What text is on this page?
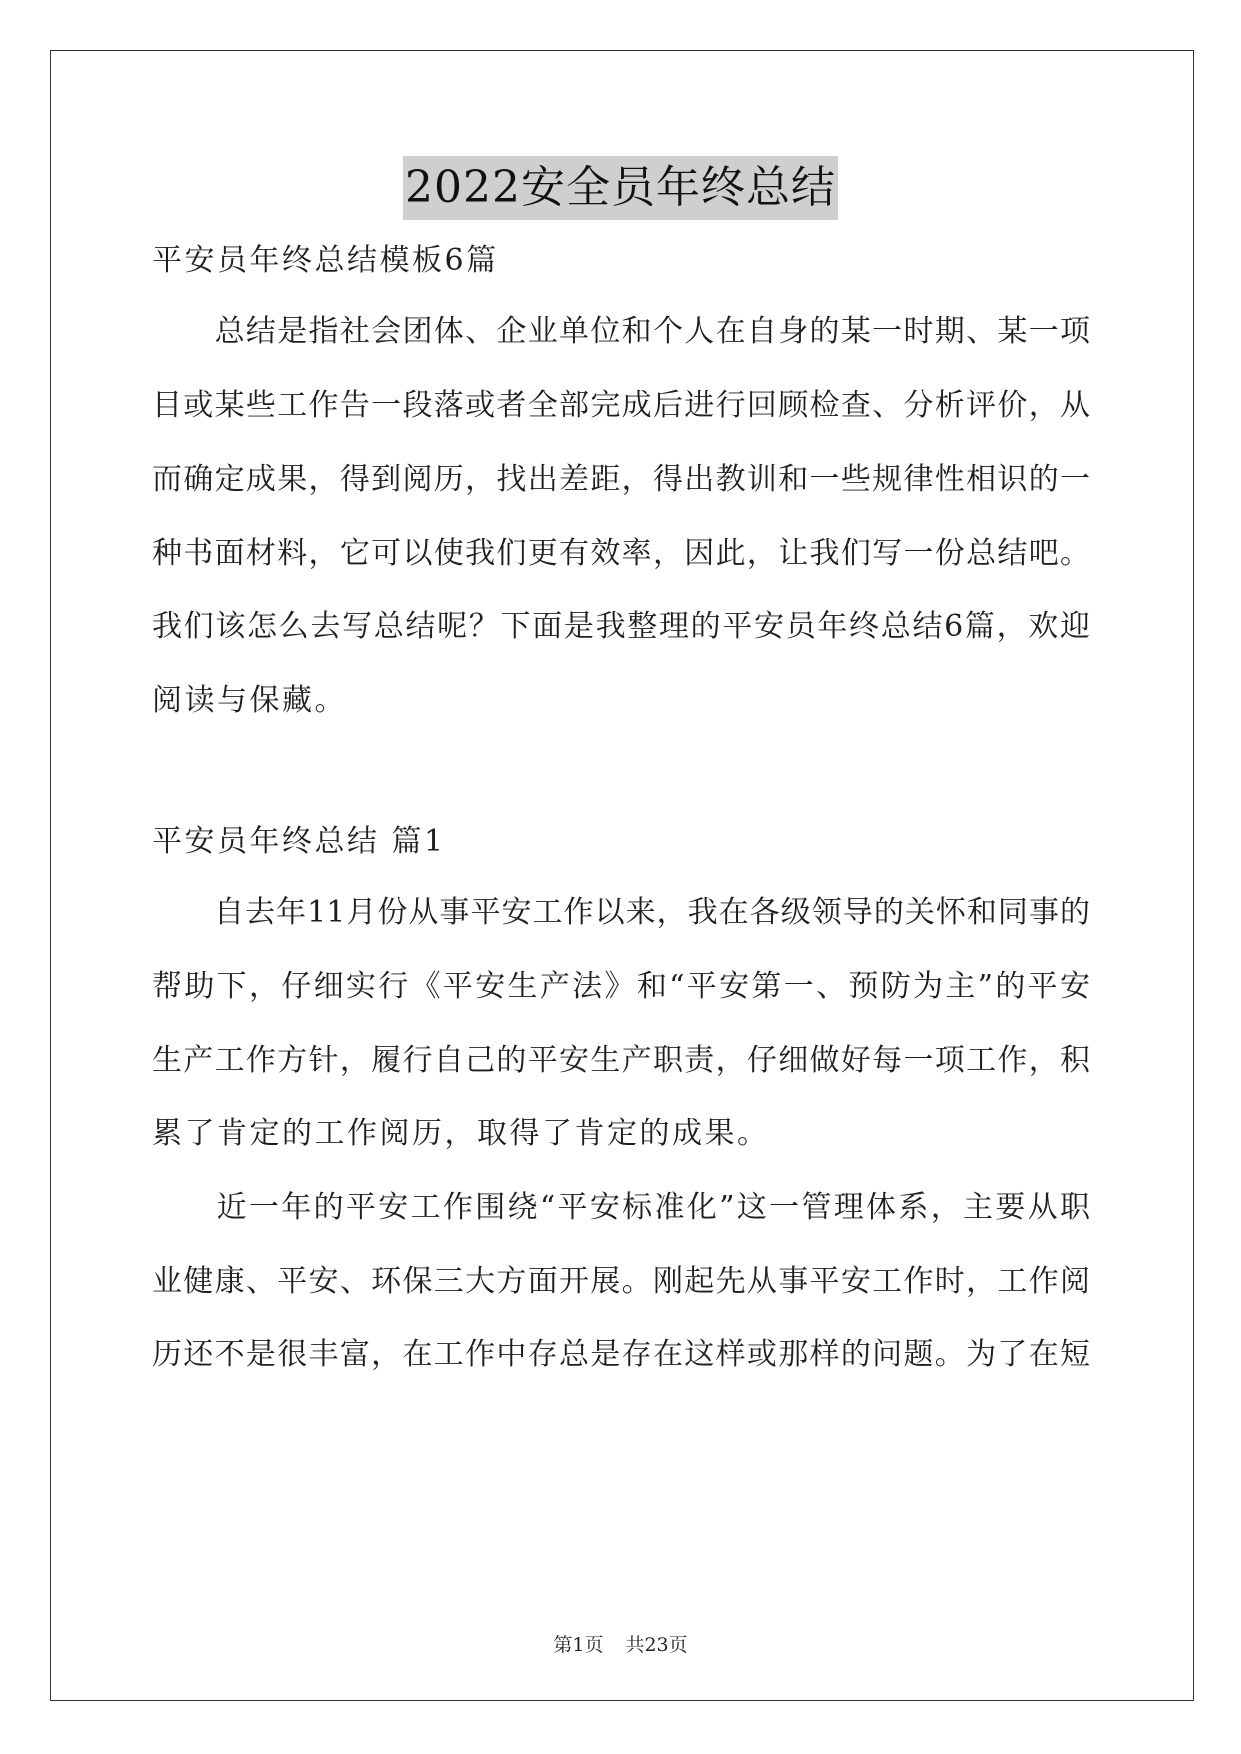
2022安全员年终总结
平安员年终总结模板6篇
　　总结是指社会团体、企业单位和个人在自身的某一时期、某一项
目或某些工作告一段落或者全部完成后进行回顾检查、分析评价，从
而确定成果，得到阅历，找出差距，得出教训和一些规律性相识的一
种书面材料，它可以使我们更有效率，因此，让我们写一份总结吧。
我们该怎么去写总结呢？下面是我整理的平安员年终总结6篇，欢迎
阅读与保藏。
平安员年终总结 篇1
　　自去年11月份从事平安工作以来，我在各级领导的关怀和同事的
帮助下，仔细实行《平安生产法》和“平安第一、预防为主”的平安
生产工作方针，履行自己的平安生产职责，仔细做好每一项工作，积
累了肯定的工作阅历，取得了肯定的成果。
　　近一年的平安工作围绕“平安标准化”这一管理体系，主要从职
业健康、平安、环保三大方面开展。刚起先从事平安工作时，工作阅
历还不是很丰富，在工作中存总是存在这样或那样的问题。为了在短
第1页 共23页
